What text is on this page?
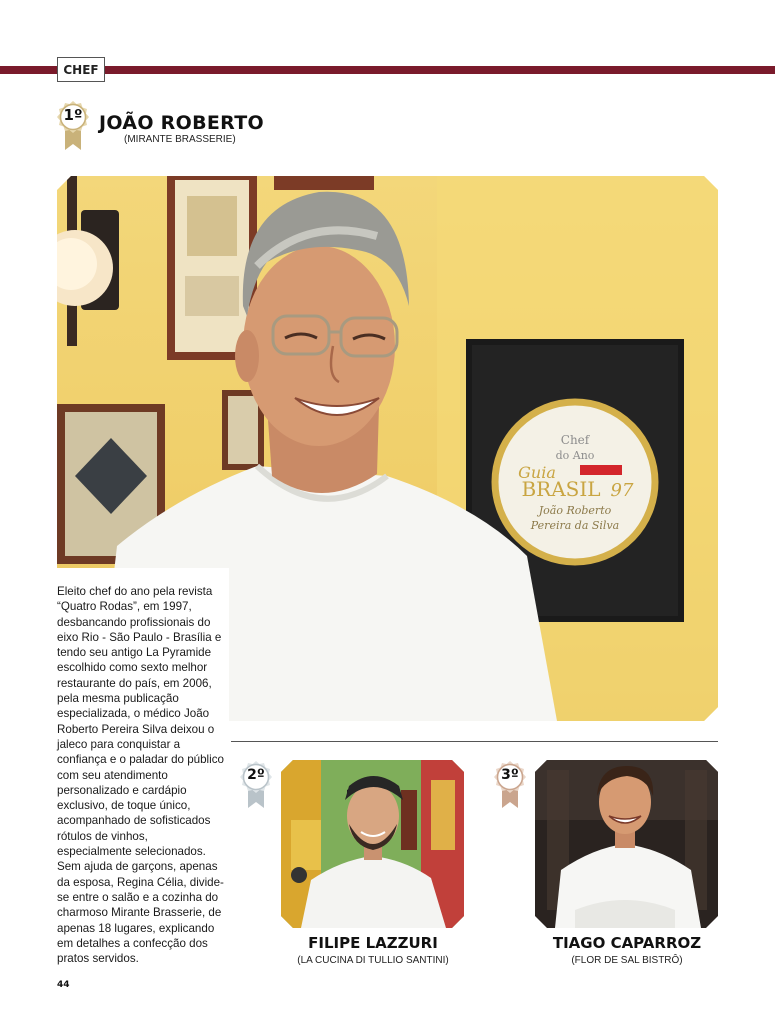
CHEF
1º JOÃO ROBERTO
(MIRANTE BRASSERIE)
Chef
do Ano
Guia
BRASIL 97
João Roberto
Pereira da Silva
Eleito chef do ano pela revista “Quatro Rodas”, em 1997, desbancando profissionais do eixo Rio - São Paulo - Brasília e tendo seu antigo La Pyramide escolhido como sexto melhor restaurante do país, em 2006, pela mesma publicação especializada, o médico João Roberto Pereira Silva deixou o jaleco para conquistar a confiança e o paladar do público com seu atendimento personalizado e cardápio exclusivo, de toque único, acompanhado de sofisticados rótulos de vinhos, especialmente selecionados. Sem ajuda de garçons, apenas da esposa, Regina Célia, divide-se entre o salão e a cozinha do charmoso Mirante Brasserie, de apenas 18 lugares, explicando em detalhes a confecção dos pratos servidos.
2º
FILIPE LAZZURI
(LA CUCINA DI TULLIO SANTINI)
3º
TIAGO CAPARROZ
(FLOR DE SAL BISTRÔ)
44
